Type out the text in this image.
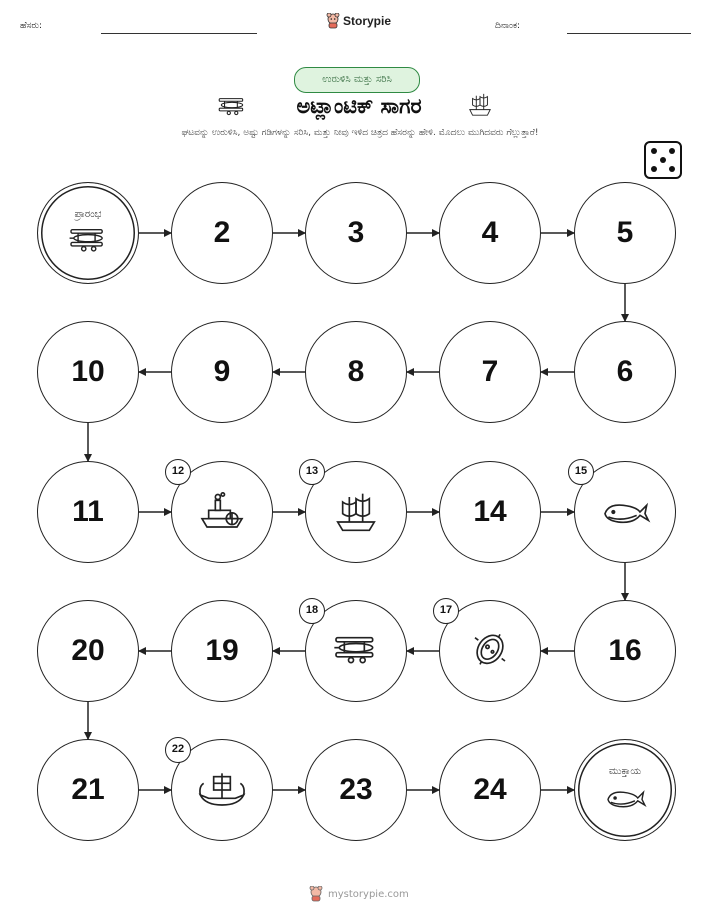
ಹೆಸರು:	Storypie	ದಿನಾಂಕ:
ಉರುಳಿಸಿ ಮತ್ತು ಸರಿಸಿ
ಅಟ್ಲಾಂಟಿಕ್ ಸಾಗರ
ಘಟವನ್ನು ಉರುಳಿಸಿ, ಅಷ್ಟು ಗಡಿಗಳನ್ನು ಸರಿಸಿ, ಮತ್ತು ನೀವು ಇಳಿದ ಚಿತ್ರದ ಹೆಸರನ್ನು ಹೇಳಿ. ಮೊದಲು ಮುಗಿದವರು ಗೆಲ್ಲುತ್ತಾರೆ!
ಪ್ರಾರಂಭ
2	3	4	5
6
7
8
9
10
11
12	13
14
15
16
17
18
19
20
21
22
23	24
ಮುಕ್ತಾಯ
mystorypie.com
